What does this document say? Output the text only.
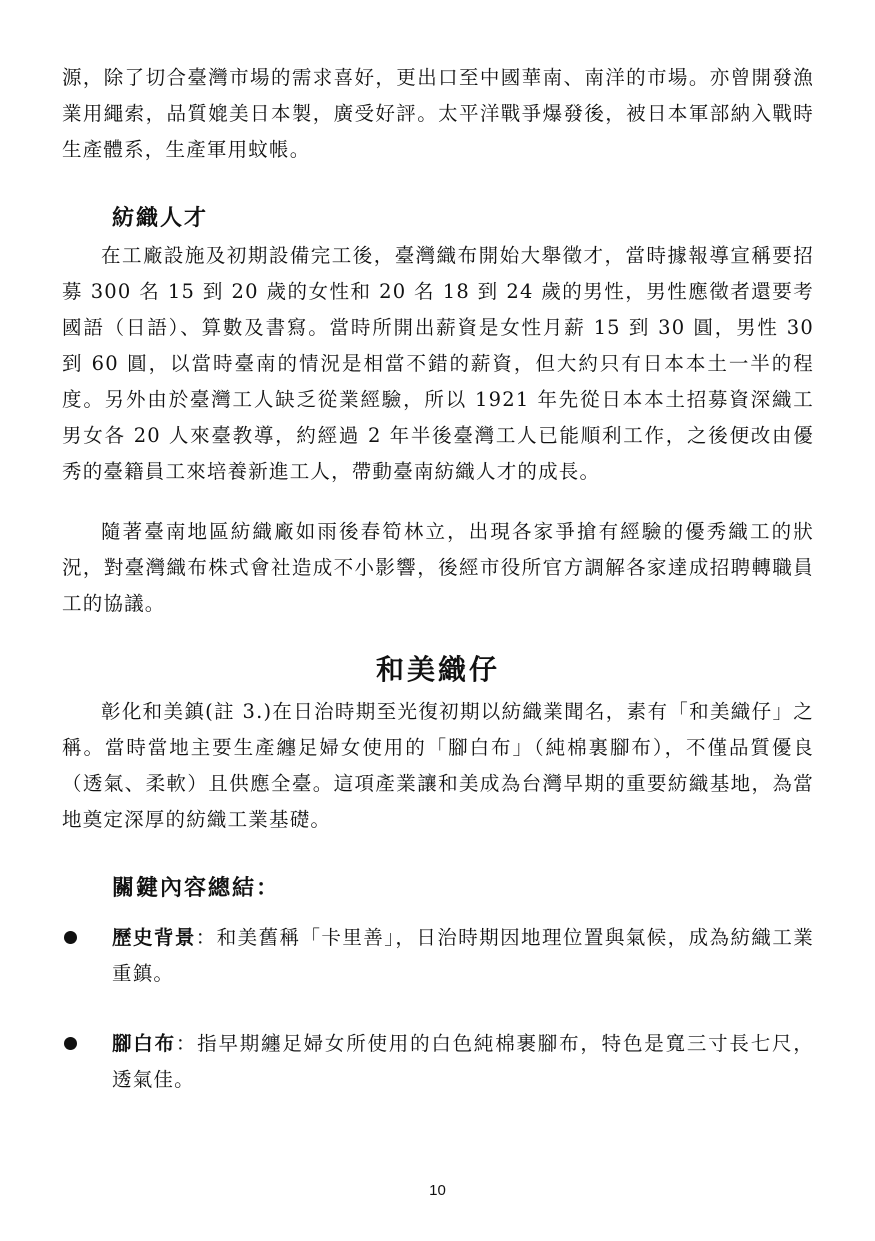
源，除了切合臺灣市場的需求喜好，更出口至中國華南、南洋的市場。亦曾開發漁業用繩索，品質媲美日本製，廣受好評。太平洋戰爭爆發後，被日本軍部納入戰時生產體系，生產軍用蚊帳。

紡織人才

在工廠設施及初期設備完工後，臺灣織布開始大舉徵才，當時據報導宣稱要招募 300 名 15 到 20 歲的女性和 20 名 18 到 24 歲的男性，男性應徵者還要考國語（日語）、算數及書寫。當時所開出薪資是女性月薪 15 到 30 圓，男性 30 到 60 圓，以當時臺南的情況是相當不錯的薪資，但大約只有日本本土一半的程度。另外由於臺灣工人缺乏從業經驗，所以 1921 年先從日本本土招募資深織工男女各 20 人來臺教導，約經過 2 年半後臺灣工人已能順利工作，之後便改由優秀的臺籍員工來培養新進工人，帶動臺南紡織人才的成長。

隨著臺南地區紡織廠如雨後春筍林立，出現各家爭搶有經驗的優秀織工的狀況，對臺灣織布株式會社造成不小影響，後經市役所官方調解各家達成招聘轉職員工的協議。

和美織仔

彰化和美鎮(註 3.)在日治時期至光復初期以紡織業聞名，素有「和美織仔」之稱。當時當地主要生產纏足婦女使用的「腳白布」（純棉裏腳布），不僅品質優良（透氣、柔軟）且供應全臺。這項產業讓和美成為台灣早期的重要紡織基地，為當地奠定深厚的紡織工業基礎。

關鍵內容總結：
歷史背景：和美舊稱「卡里善」，日治時期因地理位置與氣候，成為紡織工業重鎮。
腳白布：指早期纏足婦女所使用的白色純棉裹腳布，特色是寬三寸長七尺，透氣佳。
10
